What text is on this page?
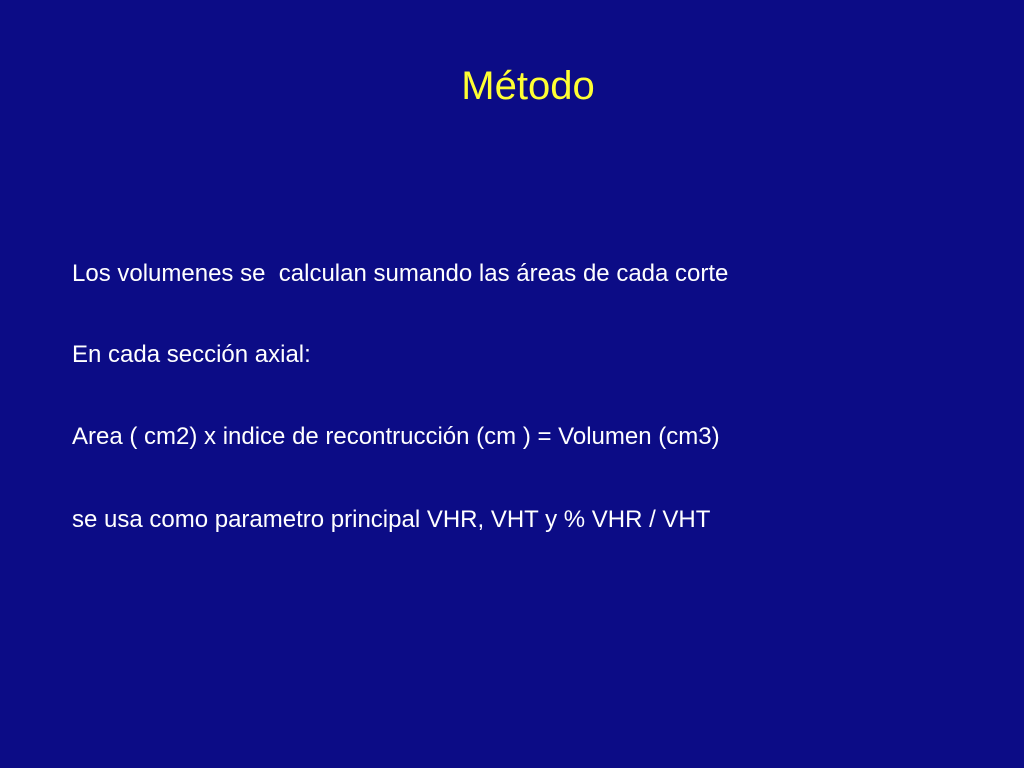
Método
Los volumenes se  calculan sumando las áreas de cada corte
En cada sección axial:
Area ( cm2) x indice de recontrucción (cm ) = Volumen (cm3)
se usa como parametro principal VHR, VHT y % VHR / VHT
